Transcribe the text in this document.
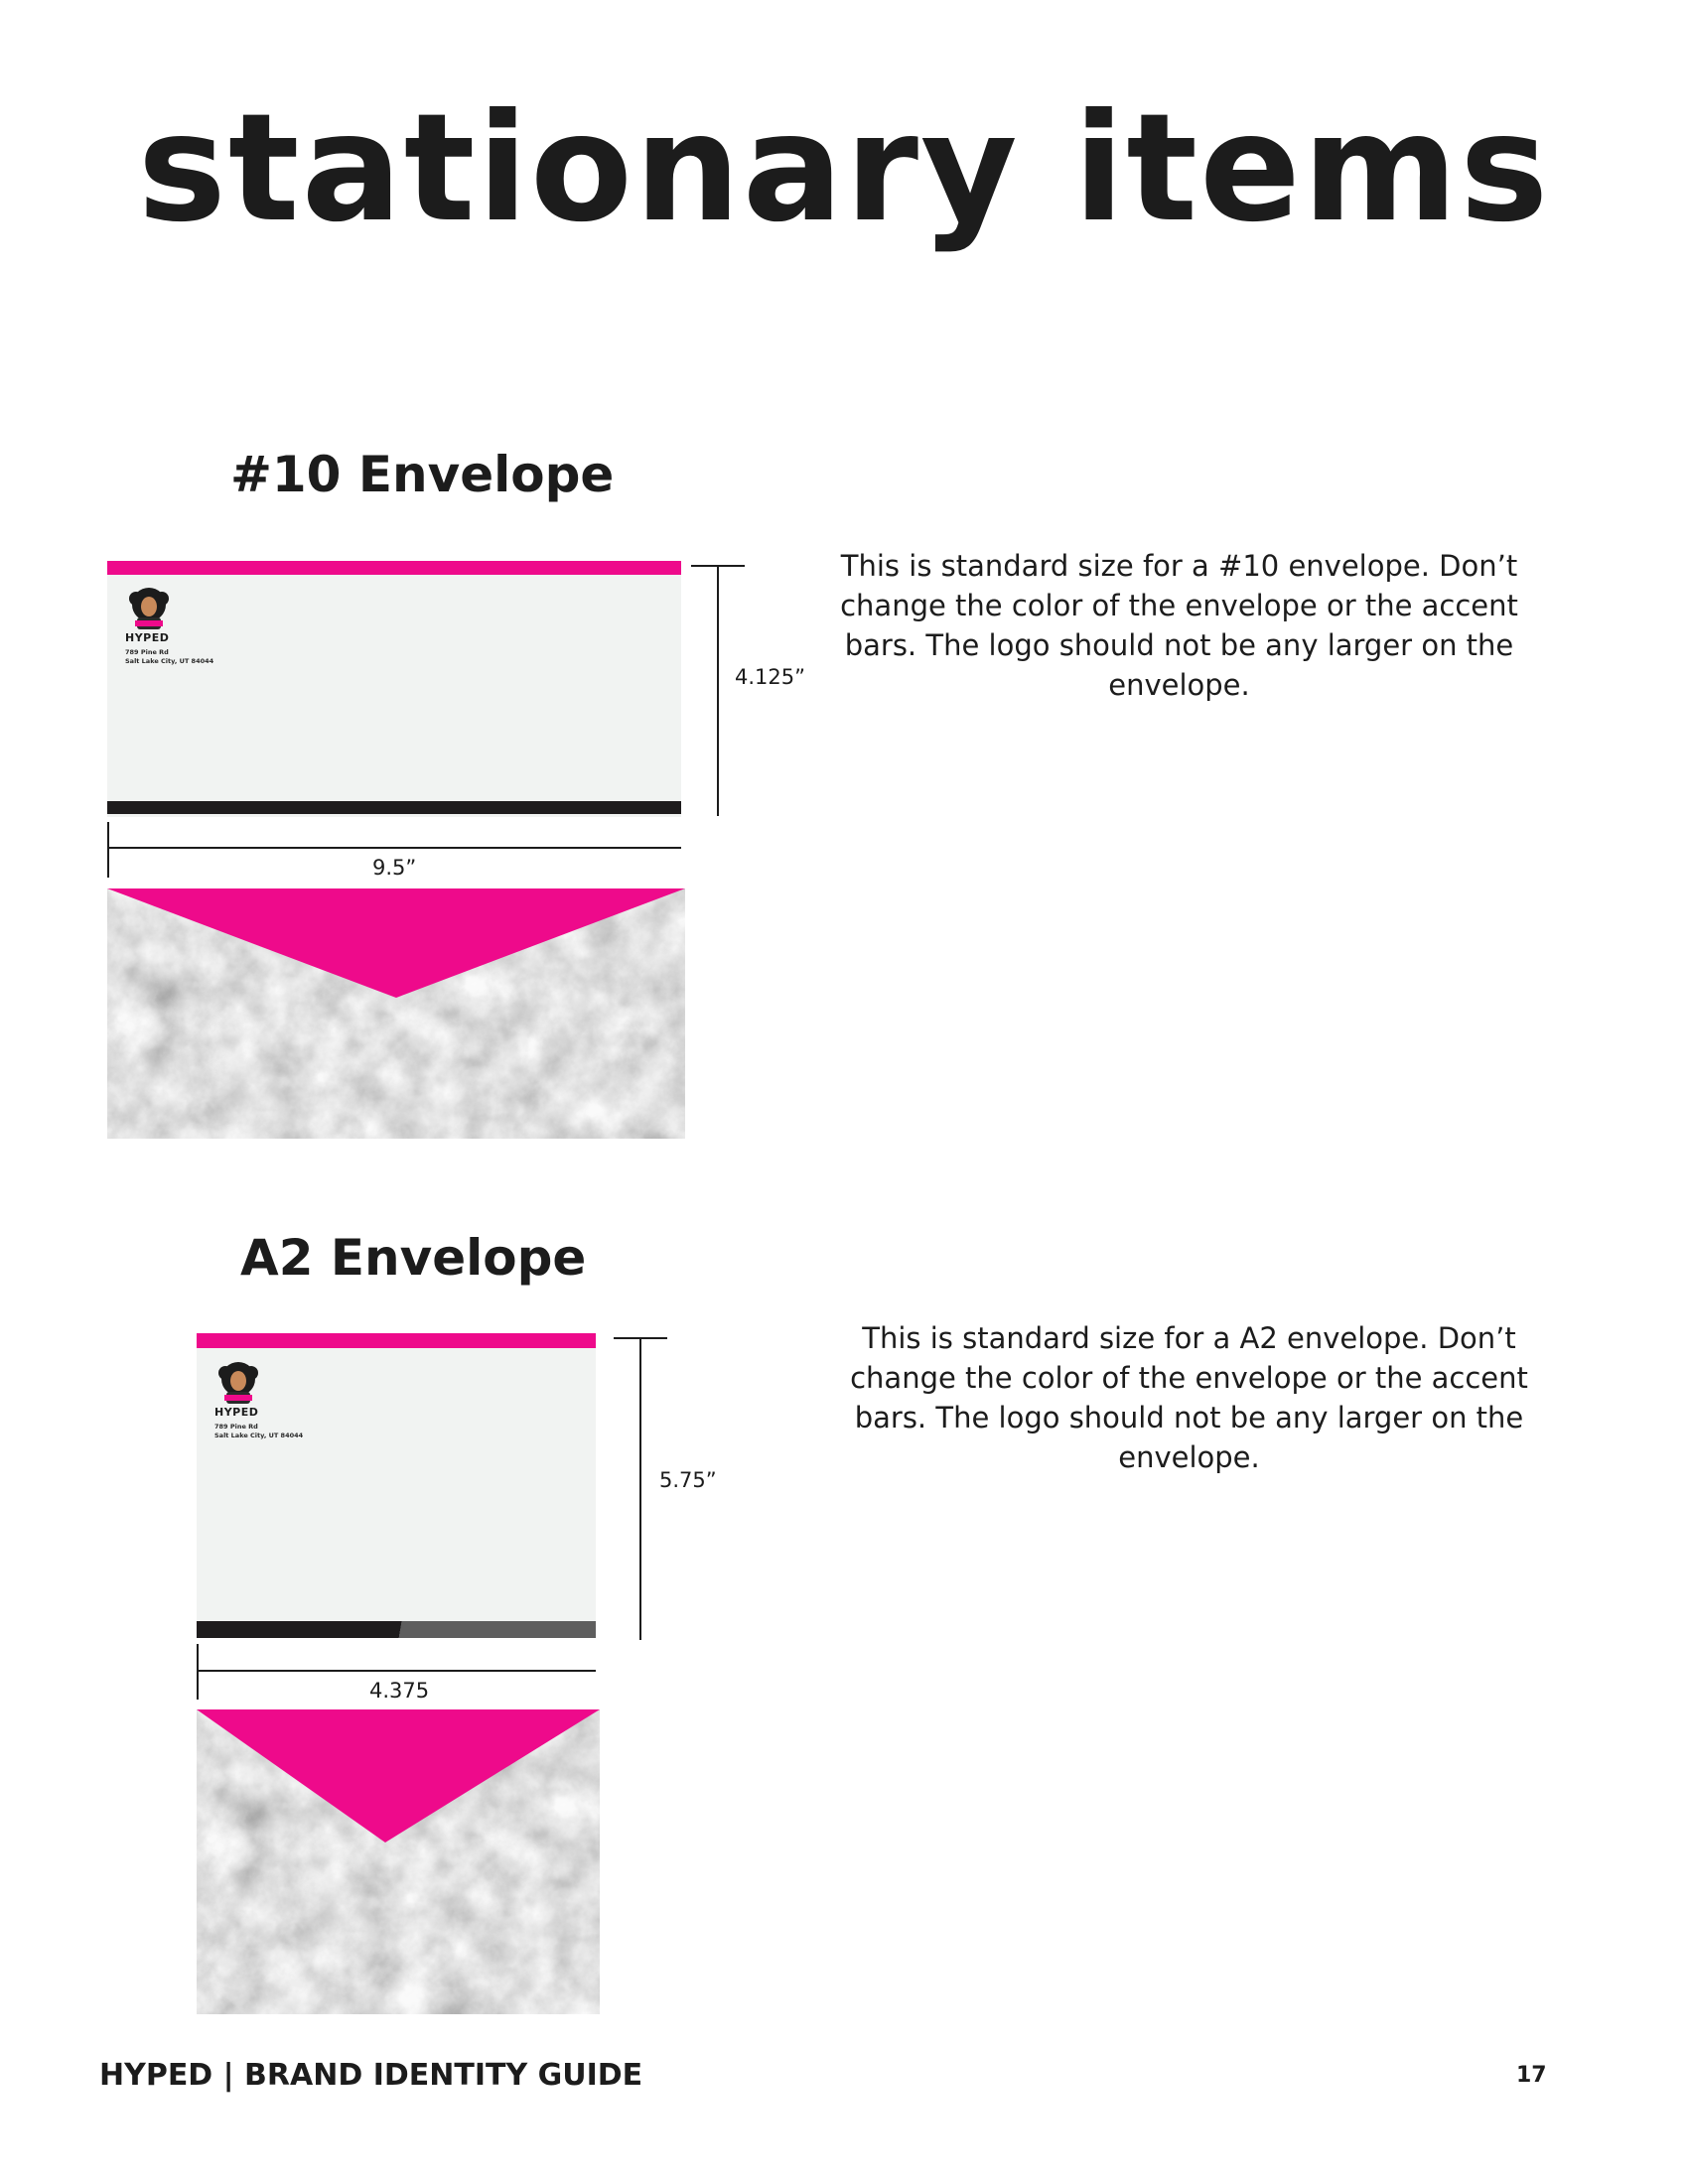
stationary items
#10 Envelope
HYPED
789 Pine Rd
Salt Lake City, UT 84044
4.125”
9.5”
This is standard size for a #10 envelope. Don’t change the color of the envelope or the accent bars. The logo should not be any larger on the envelope.
A2 Envelope
HYPED
789 Pine Rd
Salt Lake City, UT 84044
5.75”
4.375
This is standard size for a A2 envelope. Don’t change the color of the envelope or the accent bars. The logo should not be any larger on the envelope.
HYPED | BRAND IDENTITY GUIDE	17
